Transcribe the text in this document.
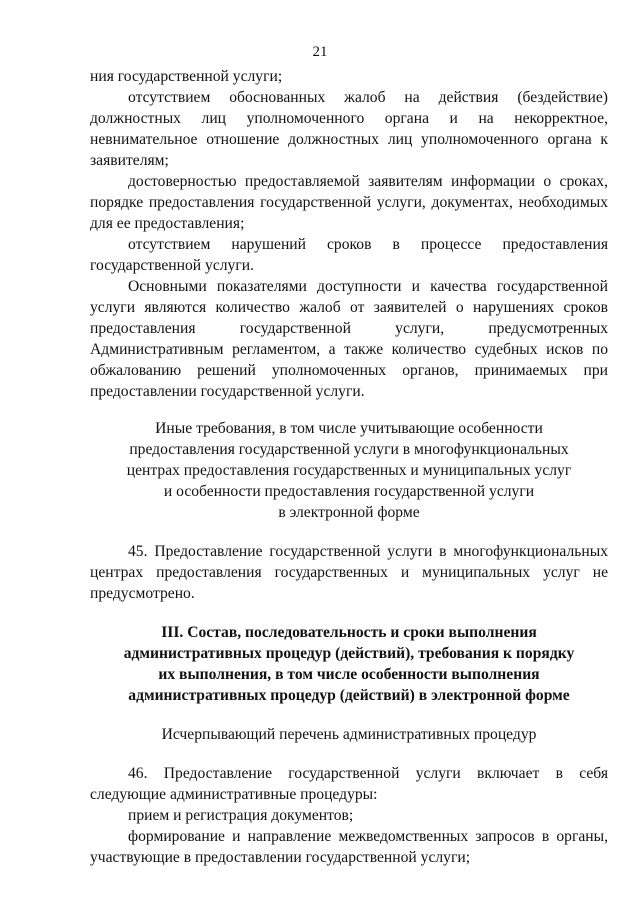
21

ния государственной услуги;

отсутствием обоснованных жалоб на действия (бездействие) должностных лиц уполномоченного органа и на некорректное, невнимательное отношение должностных лиц уполномоченного органа к заявителям;

достоверностью предоставляемой заявителям информации о сроках, порядке предоставления государственной услуги, документах, необходимых для ее предоставления;

отсутствием нарушений сроков в процессе предоставления государственной услуги.

Основными показателями доступности и качества государственной услуги являются количество жалоб от заявителей о нарушениях сроков предоставления государственной услуги, предусмотренных Административным регламентом, а также количество судебных исков по обжалованию решений уполномоченных органов, принимаемых при предоставлении государственной услуги.

Иные требования, в том числе учитывающие особенности
предоставления государственной услуги в многофункциональных
центрах предоставления государственных и муниципальных услуг
и особенности предоставления государственной услуги
в электронной форме

45. Предоставление государственной услуги в многофункциональных центрах предоставления государственных и муниципальных услуг не предусмотрено.

III. Состав, последовательность и сроки выполнения
административных процедур (действий), требования к порядку
их выполнения, в том числе особенности выполнения
административных процедур (действий) в электронной форме

Исчерпывающий перечень административных процедур

46. Предоставление государственной услуги включает в себя следующие административные процедуры:

прием и регистрация документов;

формирование и направление межведомственных запросов в органы, участвующие в предоставлении государственной услуги;
